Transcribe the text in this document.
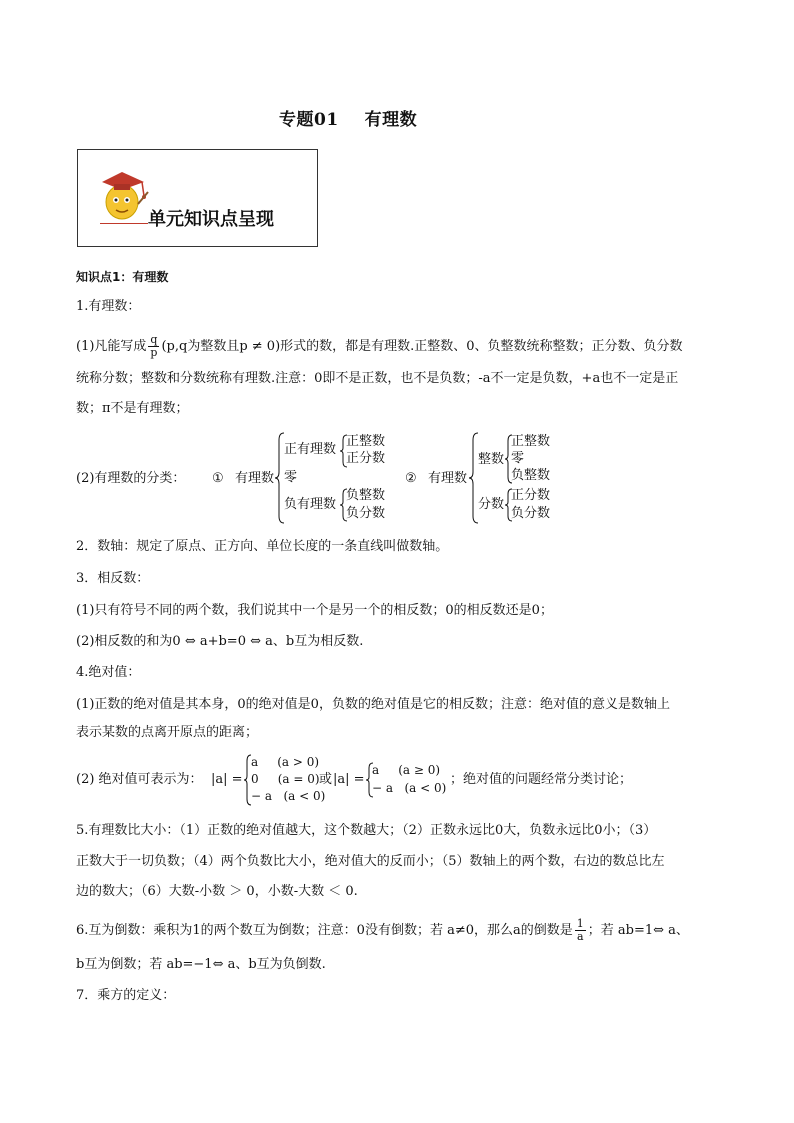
专题01 有理数
单元知识点呈现
知识点1：有理数
1.有理数：
(1)凡能写成 $\frac{q}{p} (p,q$为整数且p ≠ 0)形式的数，都是有理数.正整数、0、负整数统称整数；正分数、负分数
统称分数；整数和分数统称有理数.注意：0即不是正数，也不是负数；-a不一定是负数，+a也不一定是正
数；π不是有理数；
(2)有理数的分类： ① 有理数
正有理数
正整数
正分数
零
负有理数
负整数
负分数
② 有理数
整数
正整数
零
负整数
分数
正分数
负分数
2．数轴：规定了原点、正方向、单位长度的一条直线叫做数轴。
3．相反数：
(1)只有符号不同的两个数，我们说其中一个是另一个的相反数；0的相反数还是0；
(2)相反数的和为0 ⇔ a+b=0 ⇔ a、b互为相反数.
4.绝对值：
(1)正数的绝对值是其本身，0的绝对值是0，负数的绝对值是它的相反数；注意：绝对值的意义是数轴上
表示某数的点离开原点的距离；
(2) 绝对值可表示为： |a| =
a     (a > 0)
0     (a = 0)
− a   (a < 0)
或 |a| =
a     (a ≥ 0)
− a   (a < 0)
；绝对值的问题经常分类讨论；
5.有理数比大小：（1）正数的绝对值越大，这个数越大；（2）正数永远比0大，负数永远比0小；（3）
正数大于一切负数；（4）两个负数比大小，绝对值大的反而小；（5）数轴上的两个数，右边的数总比左
边的数大；（6）大数-小数 ＞ 0，小数-大数 ＜ 0.
6.互为倒数：乘积为1的两个数互为倒数；注意：0没有倒数；若 a≠0，那么a的倒数是 $\frac{1}{a}$ ；若 ab=1⇔ a、
b互为倒数；若 ab=−1⇔ a、b互为负倒数.
7．乘方的定义：
